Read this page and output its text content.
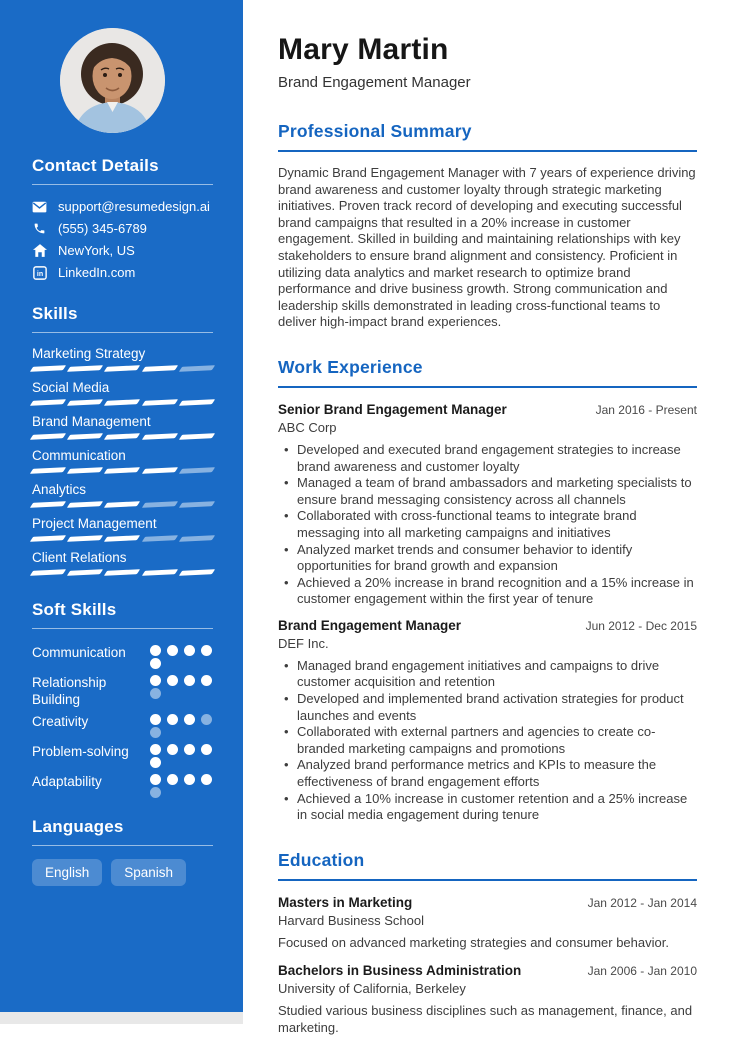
Contact Details
support@resumedesign.ai
(555) 345-6789
NewYork, US
in LinkedIn.com
Skills
Marketing Strategy
Social Media
Brand Management
Communication
Analytics
Project Management
Client Relations
Soft Skills
Communication
Relationship Building
Creativity
Problem-solving
Adaptability
Languages
English	Spanish
Mary Martin
Brand Engagement Manager
Professional Summary

Dynamic Brand Engagement Manager with 7 years of experience driving brand awareness and customer loyalty through strategic marketing initiatives. Proven track record of developing and executing successful brand campaigns that resulted in a 20% increase in customer engagement. Skilled in building and maintaining relationships with key stakeholders to ensure brand alignment and consistency. Proficient in utilizing data analytics and market research to optimize brand performance and drive business growth. Strong communication and leadership skills demonstrated in leading cross-functional teams to deliver high-impact brand experiences.

Work Experience
Senior Brand Engagement Manager	Jan 2016 - Present
ABC Corp
• Developed and executed brand engagement strategies to increase brand awareness and customer loyalty
• Managed a team of brand ambassadors and marketing specialists to ensure brand messaging consistency across all channels
• Collaborated with cross-functional teams to integrate brand messaging into all marketing campaigns and initiatives
• Analyzed market trends and consumer behavior to identify opportunities for brand growth and expansion
• Achieved a 20% increase in brand recognition and a 15% increase in customer engagement within the first year of tenure
Brand Engagement Manager	Jun 2012 - Dec 2015
DEF Inc.
• Managed brand engagement initiatives and campaigns to drive customer acquisition and retention
• Developed and implemented brand activation strategies for product launches and events
• Collaborated with external partners and agencies to create co-branded marketing campaigns and promotions
• Analyzed brand performance metrics and KPIs to measure the effectiveness of brand engagement efforts
• Achieved a 10% increase in customer retention and a 25% increase in social media engagement during tenure
Education
Masters in Marketing	Jan 2012 - Jan 2014
Harvard Business School
Focused on advanced marketing strategies and consumer behavior.
Bachelors in Business Administration	Jan 2006 - Jan 2010
University of California, Berkeley
Studied various business disciplines such as management, finance, and marketing.
